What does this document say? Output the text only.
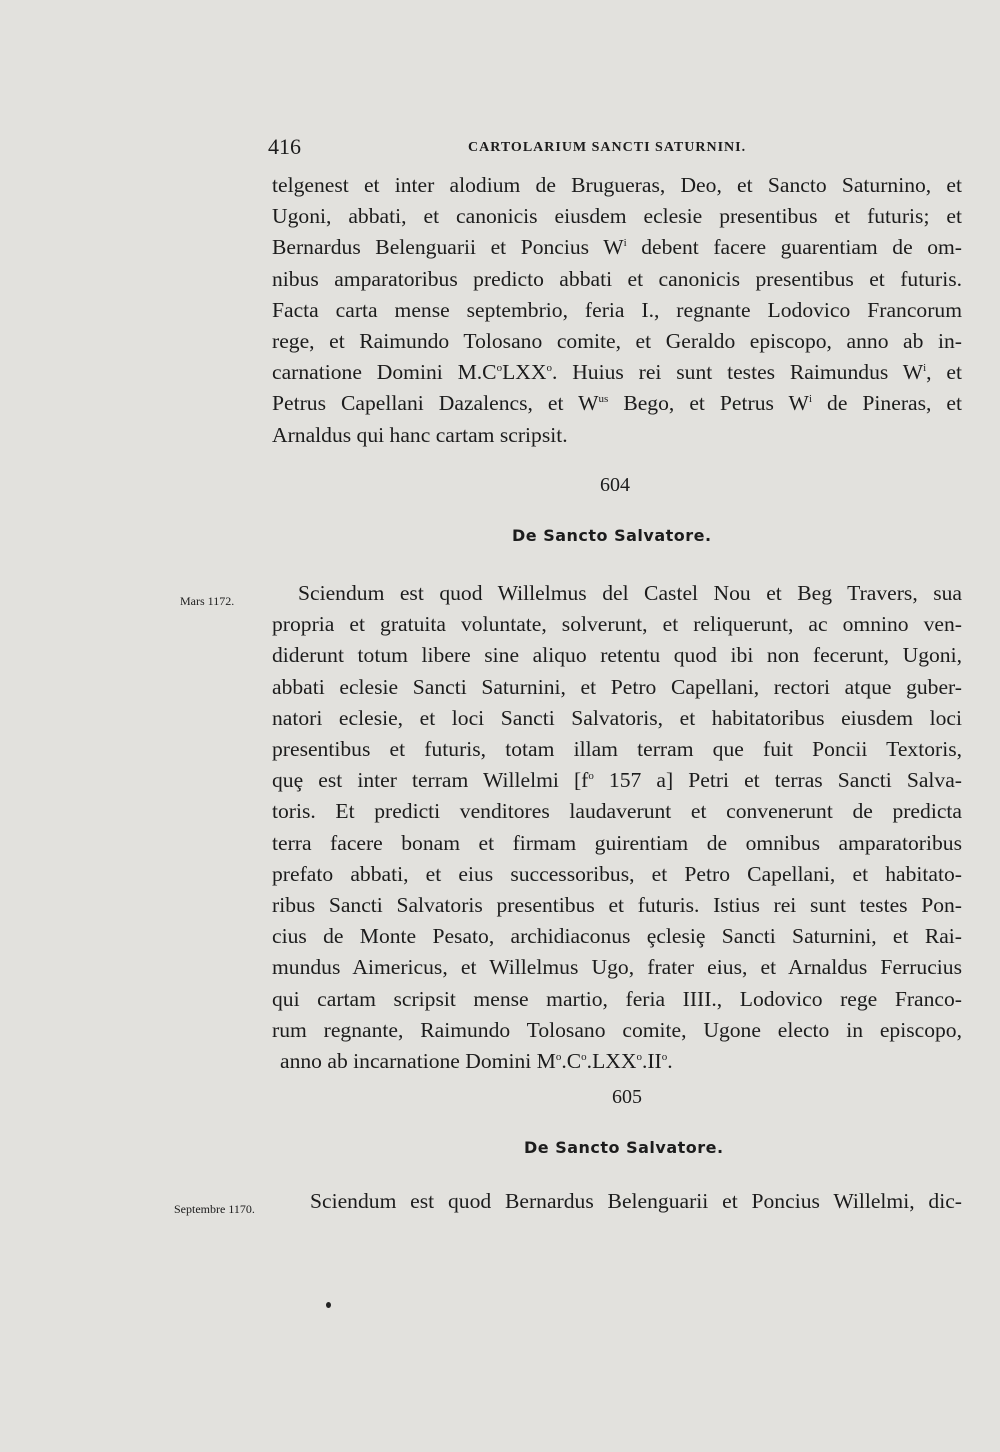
416	CARTOLARIUM SANCTI SATURNINI.
telgenest et inter alodium de Brugueras, Deo, et Sancto Saturnino, et
Ugoni, abbati, et canonicis eiusdem eclesie presentibus et futuris; et
Bernardus Belenguarii et Poncius $W^i$ debent facere guarentiam de om-
nibus amparatoribus predicto abbati et canonicis presentibus et futuris.
Facta carta mense septembrio, feria I., regnante Lodovico Francorum
rege, et Raimundo Tolosano comite, et Geraldo episcopo, anno ab in-
carnatione Domini $M.C^oLXX^o$. Huius rei sunt testes Raimundus $W^i$, et
Petrus Capellani Dazalencs, et $W^{us}$ Bego, et Petrus $W^i$ de Pineras, et
Arnaldus qui hanc cartam scripsit.
604
De Sancto Salvatore.
Mars 1172.	Sciendum est quod Willelmus del Castel Nou et Beg Travers, sua
propria et gratuita voluntate, solverunt, et reliquerunt, ac omnino ven-
diderunt totum libere sine aliquo retentu quod ibi non fecerunt, Ugoni,
abbati eclesie Sancti Saturnini, et Petro Capellani, rectori atque guber-
natori eclesie, et loci Sancti Salvatoris, et habitatoribus eiusdem loci
presentibus et futuris, totam illam terram que fuit Poncii Textoris,
quȩ est inter terram Willelmi [$f^o$ 157 a] Petri et terras Sancti Salva-
toris. Et predicti venditores laudaverunt et convenerunt de predicta
terra facere bonam et firmam guirentiam de omnibus amparatoribus
prefato abbati, et eius successoribus, et Petro Capellani, et habitato-
ribus Sancti Salvatoris presentibus et futuris. Istius rei sunt testes Pon-
cius de Monte Pesato, archidiaconus ȩclesiȩ Sancti Saturnini, et Rai-
mundus Aimericus, et Willelmus Ugo, frater eius, et Arnaldus Ferrucius
qui cartam scripsit mense martio, feria IIII., Lodovico rege Franco-
rum regnante, Raimundo Tolosano comite, Ugone electo in episcopo,
anno ab incarnatione Domini $M^o.C^o.LXX^o.II^o$.
605
De Sancto Salvatore.
Septembre 1170.	Sciendum est quod Bernardus Belenguarii et Poncius Willelmi, dic-
